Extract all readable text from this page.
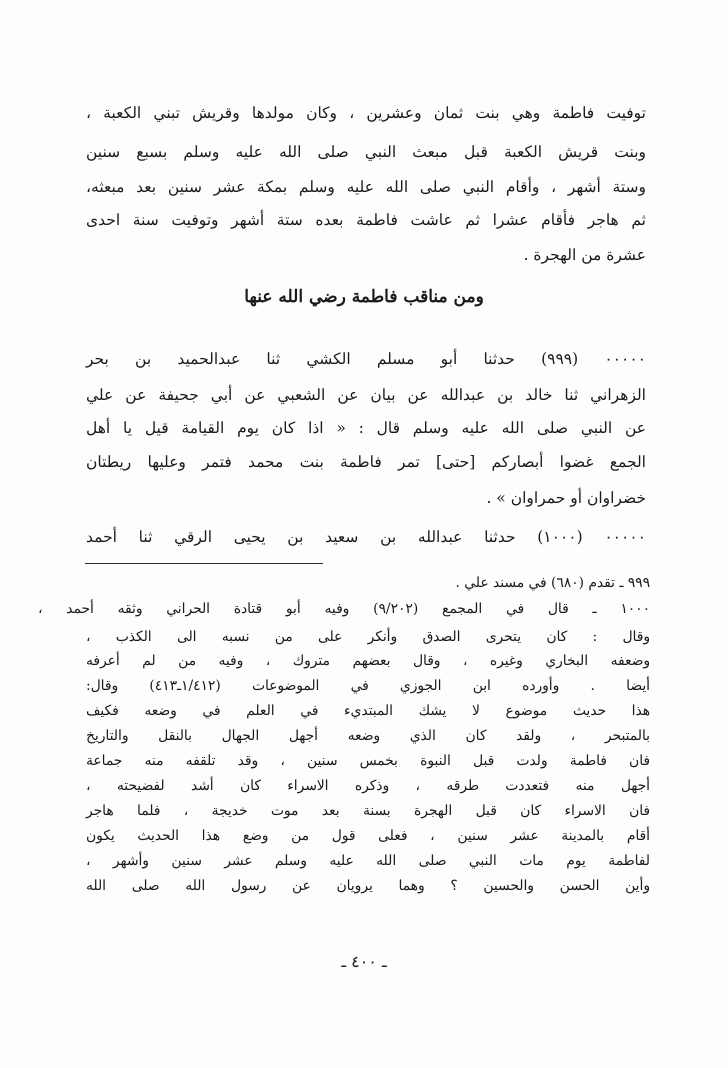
توفيت فاطمة وهي بنت ثمان وعشرين ، وكان مولدها وقريش تبني الكعبة ،
وبنت قريش الكعبة قبل مبعث النبي صلى الله عليه وسلم بسبع سنين
وستة أشهر ، وأقام النبي صلى الله عليه وسلم بمكة عشر سنين بعد مبعثه،
ثم هاجر فأقام عشرا ثم عاشت فاطمة بعده ستة أشهر وتوفيت سنة احدى
عشرة من الهجرة .
ومن مناقب فاطمة رضي الله عنها
٠٠٠٠٠ (٩٩٩) حدثنا أبو مسلم الكشي ثنا عبدالحميد بن بحر
الزهراني ثنا خالد بن عبدالله عن بيان عن الشعبي عن أبي جحيفة عن علي
عن النبي صلى الله عليه وسلم قال : « اذا كان يوم القيامة قيل يا أهل
الجمع غضوا أبصاركم [حتى] تمر فاطمة بنت محمد فتمر وعليها ريطتان
خضراوان أو حمراوان » .
٠٠٠٠٠ (١٠٠٠) حدثنا عبدالله بن سعيد بن يحيى الرقي ثنا أحمد
٩٩٩ ـ تقدم (٦٨٠) في مسند علي .
١٠٠٠ ـ قال في المجمع (٩/٢٠٢) وفيه أبو قتادة الحراني وثقه أحمد ،
وقال : كان يتحرى الصدق وأنكر على من نسبه الى الكذب ،
وضعفه البخاري وغيره ، وقال بعضهم متروك ، وفيه من لم أعرفه
أيضا . وأورده ابن الجوزي في الموضوعات (١/٤١٢ـ٤١٣) وقال:
هذا حديث موضوع لا يشك المبتديء في العلم في وضعه فكيف
بالمتبحر ، ولقد كان الذي وضعه أجهل الجهال بالنقل والتاريخ
فان فاطمة ولدت قبل النبوة بخمس سنين ، وقد تلقفه منه جماعة
أجهل منه فتعددت طرقه ، وذكره الاسراء كان أشد لفضيحته ،
فان الاسراء كان قبل الهجرة بسنة بعد موت خديجة ، فلما هاجر
أقام بالمدينة عشر سنين ، فعلى قول من وضع هذا الحديث يكون
لفاطمة يوم مات النبي صلى الله عليه وسلم عشر سنين وأشهر ،
وأين الحسن والحسين ؟ وهما يرويان عن رسول الله صلى الله
ـ ٤٠٠ ـ
